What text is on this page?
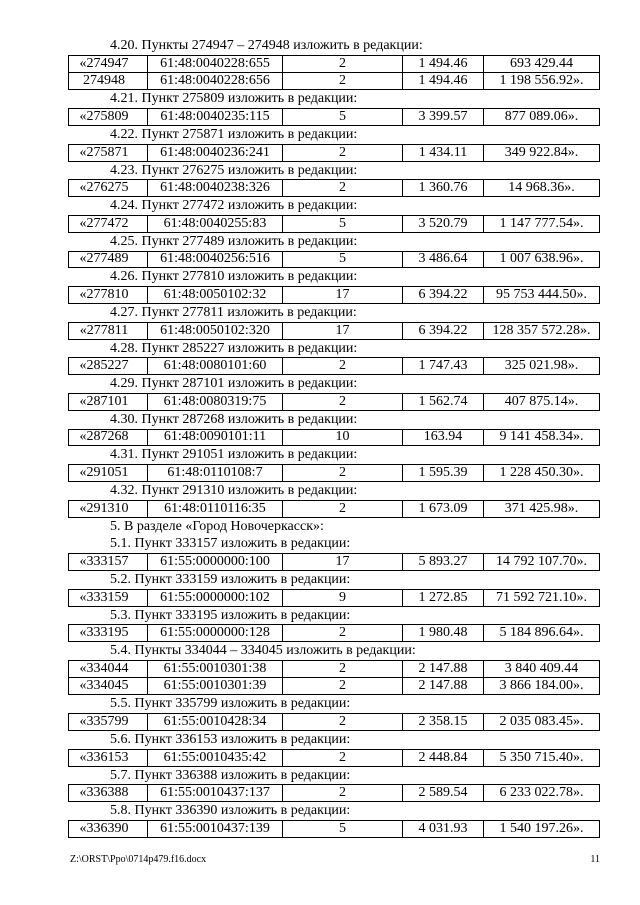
4.20. Пункты 274947 – 274948 изложить в редакции:
«274947	61:48:0040228:655	2	1 494.46	693 429.44
274948	61:48:0040228:656	2	1 494.46	1 198 556.92».
4.21. Пункт 275809 изложить в редакции:
«275809	61:48:0040235:115	5	3 399.57	877 089.06».
4.22. Пункт 275871 изложить в редакции:
«275871	61:48:0040236:241	2	1 434.11	349 922.84».
4.23. Пункт 276275 изложить в редакции:
«276275	61:48:0040238:326	2	1 360.76	14 968.36».
4.24. Пункт 277472 изложить в редакции:
«277472	61:48:0040255:83	5	3 520.79	1 147 777.54».
4.25. Пункт 277489 изложить в редакции:
«277489	61:48:0040256:516	5	3 486.64	1 007 638.96».
4.26. Пункт 277810 изложить в редакции:
«277810	61:48:0050102:32	17	6 394.22	95 753 444.50».
4.27. Пункт 277811 изложить в редакции:
«277811	61:48:0050102:320	17	6 394.22	128 357 572.28».
4.28. Пункт 285227 изложить в редакции:
«285227	61:48:0080101:60	2	1 747.43	325 021.98».
4.29. Пункт 287101 изложить в редакции:
«287101	61:48:0080319:75	2	1 562.74	407 875.14».
4.30. Пункт 287268 изложить в редакции:
«287268	61:48:0090101:11	10	163.94	9 141 458.34».
4.31. Пункт 291051 изложить в редакции:
«291051	61:48:0110108:7	2	1 595.39	1 228 450.30».
4.32. Пункт 291310 изложить в редакции:
«291310	61:48:0110116:35	2	1 673.09	371 425.98».
5. В разделе «Город Новочеркасск»:
5.1. Пункт 333157 изложить в редакции:
«333157	61:55:0000000:100	17	5 893.27	14 792 107.70».
5.2. Пункт 333159 изложить в редакции:
«333159	61:55:0000000:102	9	1 272.85	71 592 721.10».
5.3. Пункт 333195 изложить в редакции:
«333195	61:55:0000000:128	2	1 980.48	5 184 896.64».
5.4. Пункты 334044 – 334045 изложить в редакции:
«334044	61:55:0010301:38	2	2 147.88	3 840 409.44
«334045	61:55:0010301:39	2	2 147.88	3 866 184.00».
5.5. Пункт 335799 изложить в редакции:
«335799	61:55:0010428:34	2	2 358.15	2 035 083.45».
5.6. Пункт 336153 изложить в редакции:
«336153	61:55:0010435:42	2	2 448.84	5 350 715.40».
5.7. Пункт 336388 изложить в редакции:
«336388	61:55:0010437:137	2	2 589.54	6 233 022.78».
5.8. Пункт 336390 изложить в редакции:
«336390	61:55:0010437:139	5	4 031.93	1 540 197.26».
Z:\ORST\Ppo\0714p479.f16.docx	11
